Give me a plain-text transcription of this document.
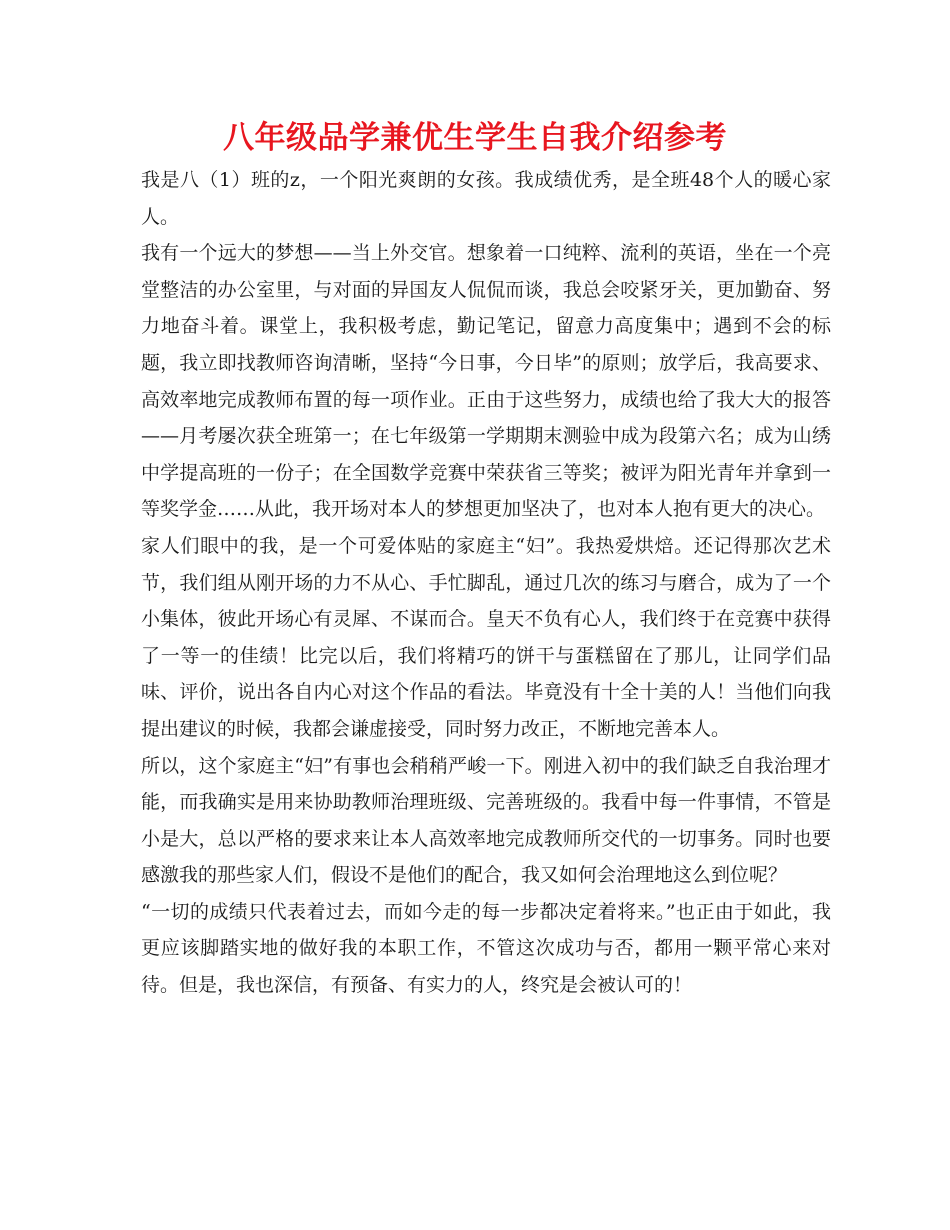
八年级品学兼优生学生自我介绍参考

我是八（1）班的z，一个阳光爽朗的女孩。我成绩优秀，是全班48个人的暖心家人。

我有一个远大的梦想——当上外交官。想象着一口纯粹、流利的英语，坐在一个亮堂整洁的办公室里，与对面的异国友人侃侃而谈，我总会咬紧牙关，更加勤奋、努力地奋斗着。课堂上，我积极考虑，勤记笔记，留意力高度集中；遇到不会的标题，我立即找教师咨询清晰，坚持“今日事，今日毕”的原则；放学后，我高要求、高效率地完成教师布置的每一项作业。正由于这些努力，成绩也给了我大大的报答——月考屡次获全班第一；在七年级第一学期期末测验中成为段第六名；成为山绣中学提高班的一份子；在全国数学竞赛中荣获省三等奖；被评为阳光青年并拿到一等奖学金……从此，我开场对本人的梦想更加坚决了，也对本人抱有更大的决心。

家人们眼中的我，是一个可爱体贴的家庭主“妇”。我热爱烘焙。还记得那次艺术节，我们组从刚开场的力不从心、手忙脚乱，通过几次的练习与磨合，成为了一个小集体，彼此开场心有灵犀、不谋而合。皇天不负有心人，我们终于在竞赛中获得了一等一的佳绩！比完以后，我们将精巧的饼干与蛋糕留在了那儿，让同学们品味、评价，说出各自内心对这个作品的看法。毕竟没有十全十美的人！当他们向我提出建议的时候，我都会谦虚接受，同时努力改正，不断地完善本人。

所以，这个家庭主“妇”有事也会稍稍严峻一下。刚进入初中的我们缺乏自我治理才能，而我确实是用来协助教师治理班级、完善班级的。我看中每一件事情，不管是小是大，总以严格的要求来让本人高效率地完成教师所交代的一切事务。同时也要感激我的那些家人们，假设不是他们的配合，我又如何会治理地这么到位呢？

“一切的成绩只代表着过去，而如今走的每一步都决定着将来。”也正由于如此，我更应该脚踏实地的做好我的本职工作，不管这次成功与否，都用一颗平常心来对待。但是，我也深信，有预备、有实力的人，终究是会被认可的！
